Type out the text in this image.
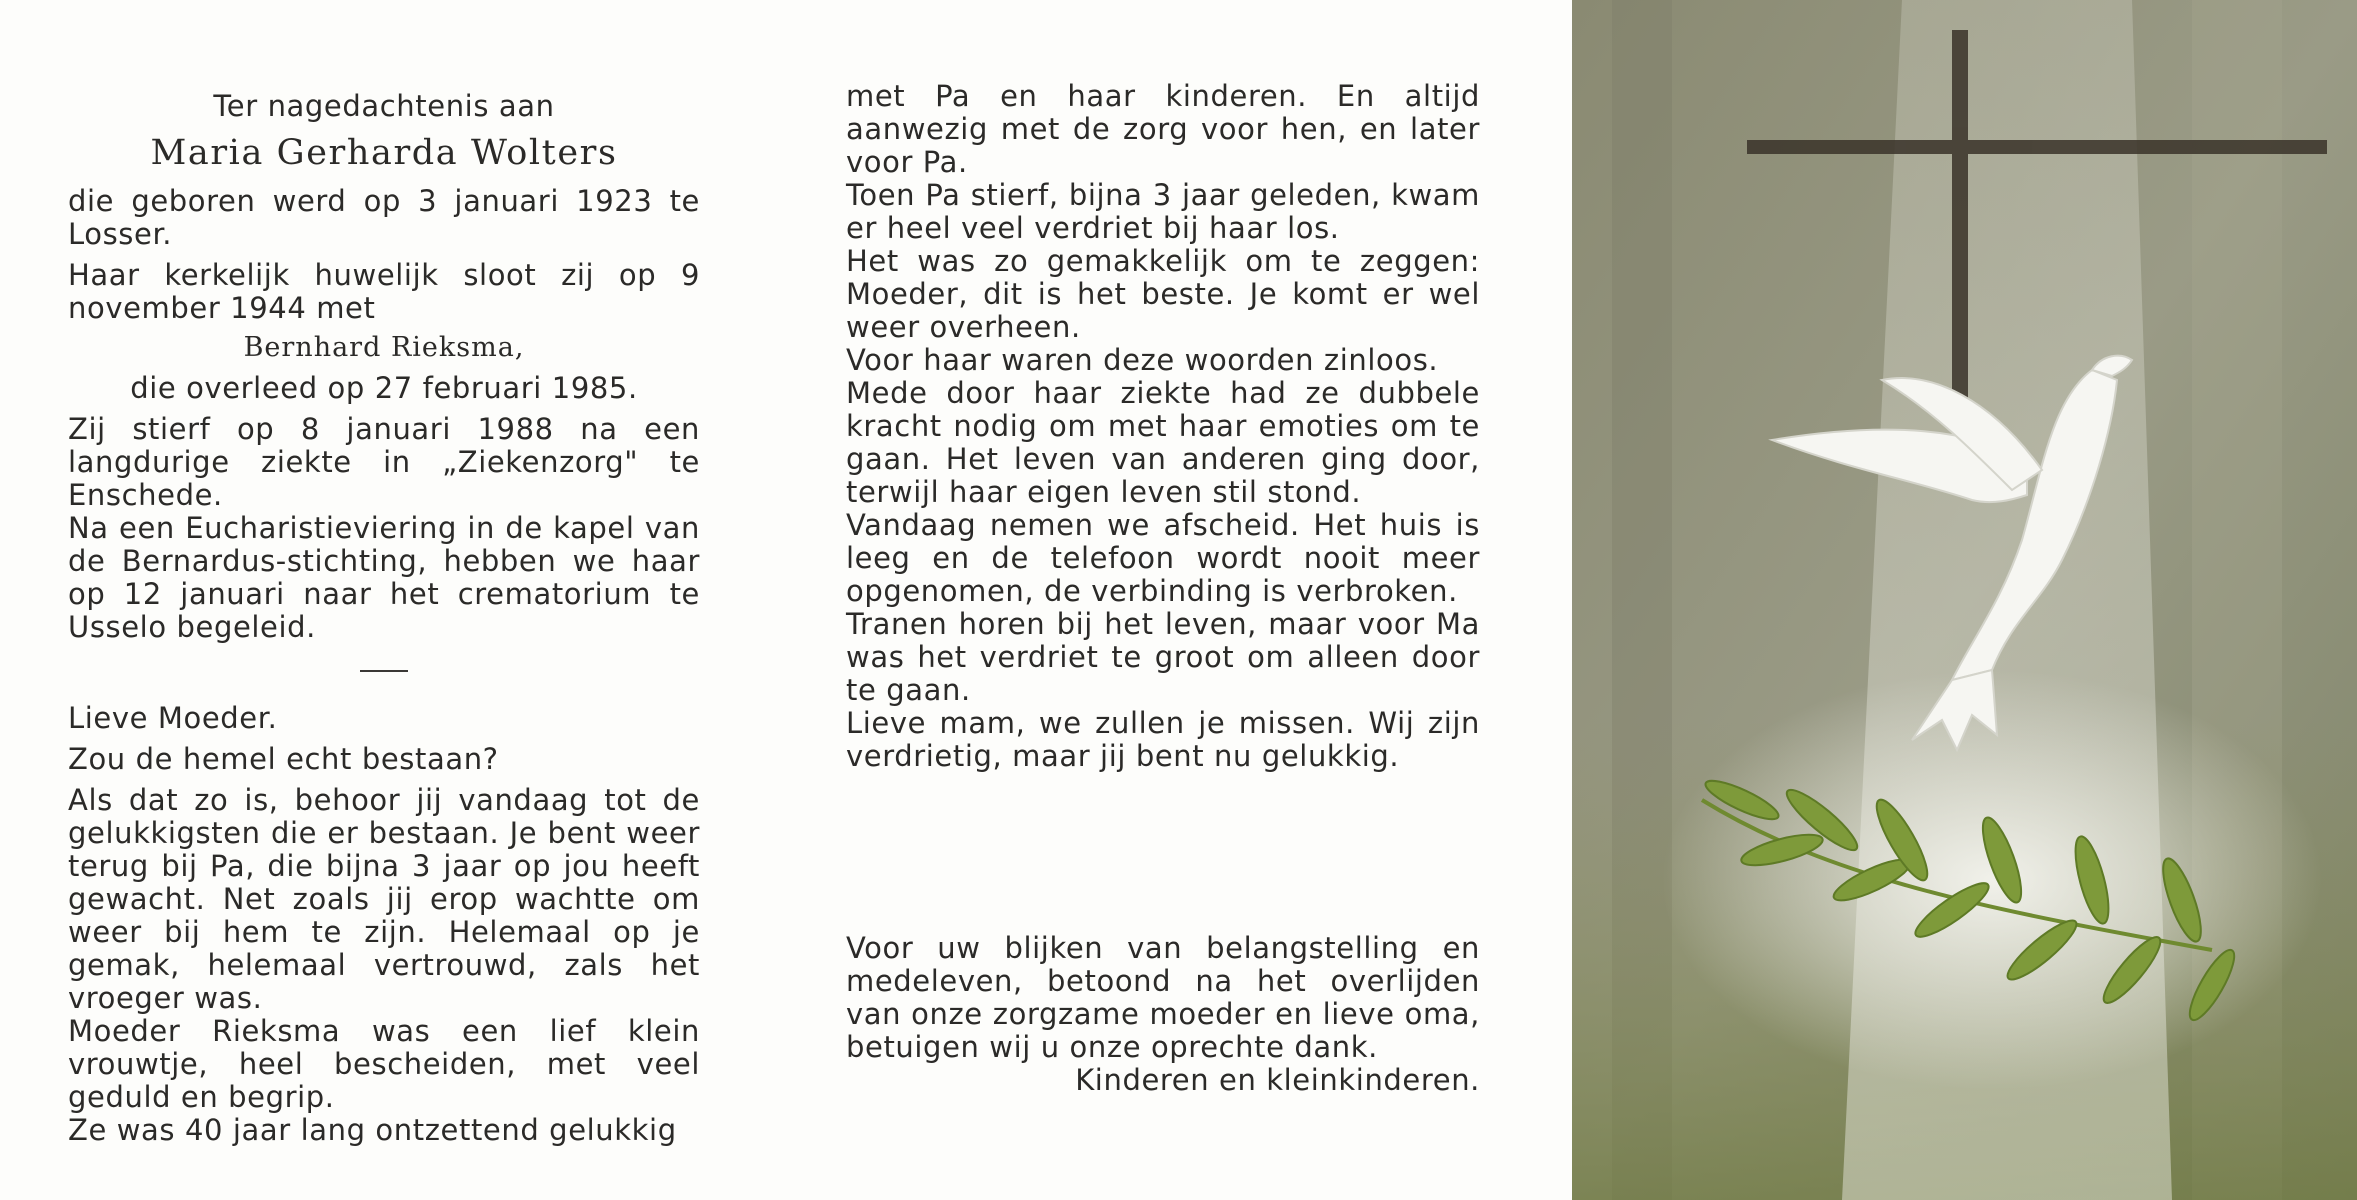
Ter nagedachtenis aan

Maria Gerharda Wolters

die geboren werd op 3 januari 1923 te Losser.

Haar kerkelijk huwelijk sloot zij op 9 november 1944 met

Bernhard Rieksma,

die overleed op 27 februari 1985.

Zij stierf op 8 januari 1988 na een langdurige ziekte in „Ziekenzorg" te Enschede.

Na een Eucharistieviering in de kapel van de Bernardus-stichting, hebben we haar op 12 januari naar het crematorium te Usselo begeleid.

Lieve Moeder.

Zou de hemel echt bestaan?

Als dat zo is, behoor jij vandaag tot de gelukkigsten die er bestaan. Je bent weer terug bij Pa, die bijna 3 jaar op jou heeft gewacht. Net zoals jij erop wachtte om weer bij hem te zijn. Helemaal op je gemak, helemaal vertrouwd, zals het vroeger was.

Moeder Rieksma was een lief klein vrouwtje, heel bescheiden, met veel geduld en begrip.

Ze was 40 jaar lang ontzettend gelukkig

met Pa en haar kinderen. En altijd aanwezig met de zorg voor hen, en later voor Pa.

Toen Pa stierf, bijna 3 jaar geleden, kwam er heel veel verdriet bij haar los.

Het was zo gemakkelijk om te zeggen: Moeder, dit is het beste. Je komt er wel weer overheen.

Voor haar waren deze woorden zinloos.

Mede door haar ziekte had ze dubbele kracht nodig om met haar emoties om te gaan. Het leven van anderen ging door, terwijl haar eigen leven stil stond.

Vandaag nemen we afscheid. Het huis is leeg en de telefoon wordt nooit meer opgenomen, de verbinding is verbroken.

Tranen horen bij het leven, maar voor Ma was het verdriet te groot om alleen door te gaan.

Lieve mam, we zullen je missen. Wij zijn verdrietig, maar jij bent nu gelukkig.

Voor uw blijken van belangstelling en medeleven, betoond na het overlijden van onze zorgzame moeder en lieve oma, betuigen wij u onze oprechte dank.

Kinderen en kleinkinderen.
